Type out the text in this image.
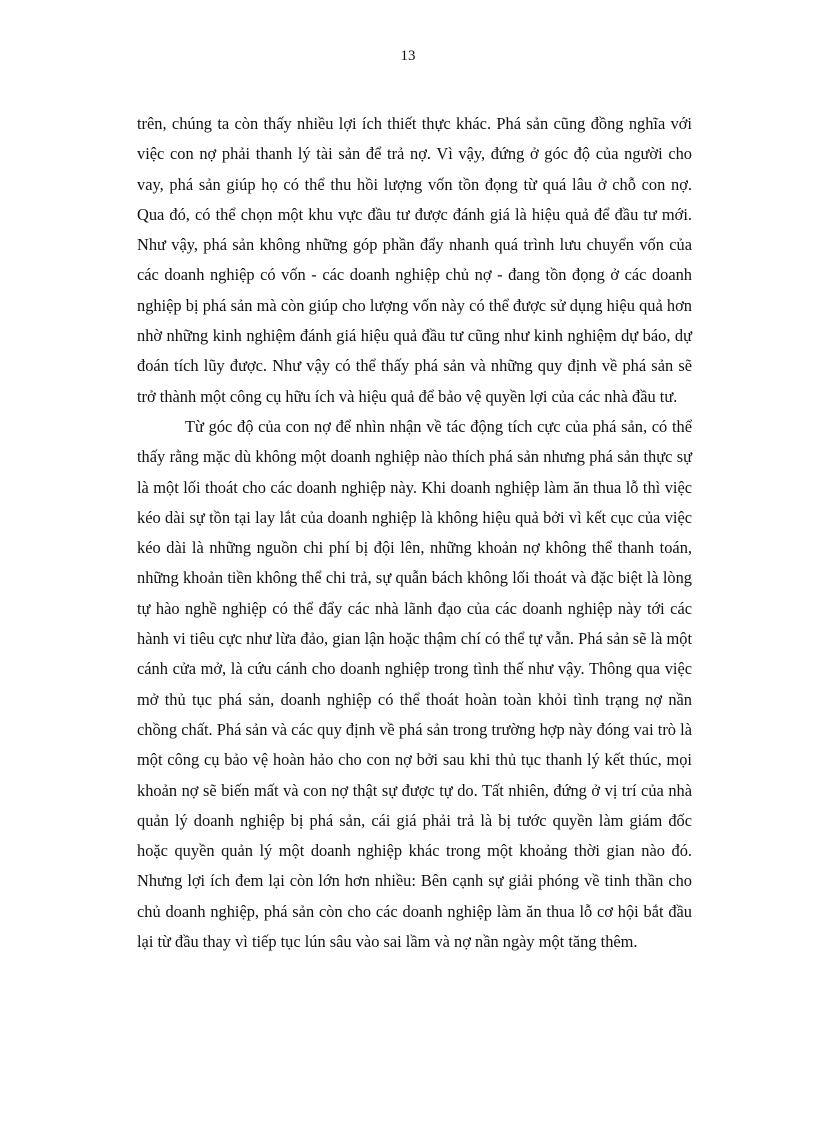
13

trên, chúng ta còn thấy nhiều lợi ích thiết thực khác. Phá sản cũng đồng nghĩa với việc con nợ phải thanh lý tài sản để trả nợ. Vì vậy, đứng ở góc độ của người cho vay, phá sản giúp họ có thể thu hồi lượng vốn tồn đọng từ quá lâu ở chỗ con nợ. Qua đó, có thể chọn một khu vực đầu tư được đánh giá là hiệu quả để đầu tư mới. Như vậy, phá sản không những góp phần đẩy nhanh quá trình lưu chuyển vốn của các doanh nghiệp có vốn - các doanh nghiệp chủ nợ - đang tồn đọng ở các doanh nghiệp bị phá sản mà còn giúp cho lượng vốn này có thể được sử dụng hiệu quả hơn nhờ những kinh nghiệm đánh giá hiệu quả đầu tư cũng như kinh nghiệm dự báo, dự đoán tích lũy được. Như vậy có thể thấy phá sản và những quy định về phá sản sẽ trở thành một công cụ hữu ích và hiệu quả để bảo vệ quyền lợi của các nhà đầu tư.

Từ góc độ của con nợ để nhìn nhận về tác động tích cực của phá sản, có thể thấy rằng mặc dù không một doanh nghiệp nào thích phá sản nhưng phá sản thực sự là một lối thoát cho các doanh nghiệp này. Khi doanh nghiệp làm ăn thua lỗ thì việc kéo dài sự tồn tại lay lắt của doanh nghiệp là không hiệu quả bởi vì kết cục của việc kéo dài là những nguồn chi phí bị đội lên, những khoản nợ không thể thanh toán, những khoản tiền không thể chi trả, sự quẫn bách không lối thoát và đặc biệt là lòng tự hào nghề nghiệp có thể đẩy các nhà lãnh đạo của các doanh nghiệp này tới các hành vi tiêu cực như lừa đảo, gian lận hoặc thậm chí có thể tự vẫn. Phá sản sẽ là một cánh cửa mở, là cứu cánh cho doanh nghiệp trong tình thế như vậy. Thông qua việc mở thủ tục phá sản, doanh nghiệp có thể thoát hoàn toàn khỏi tình trạng nợ nần chồng chất. Phá sản và các quy định về phá sản trong trường hợp này đóng vai trò là một công cụ bảo vệ hoàn hảo cho con nợ bởi sau khi thủ tục thanh lý kết thúc, mọi khoản nợ sẽ biến mất và con nợ thật sự được tự do. Tất nhiên, đứng ở vị trí của nhà quản lý doanh nghiệp bị phá sản, cái giá phải trả là bị tước quyền làm giám đốc hoặc quyền quản lý một doanh nghiệp khác trong một khoảng thời gian nào đó. Nhưng lợi ích đem lại còn lớn hơn nhiều: Bên cạnh sự giải phóng về tinh thần cho chủ doanh nghiệp, phá sản còn cho các doanh nghiệp làm ăn thua lỗ cơ hội bắt đầu lại từ đầu thay vì tiếp tục lún sâu vào sai lầm và nợ nần ngày một tăng thêm.
